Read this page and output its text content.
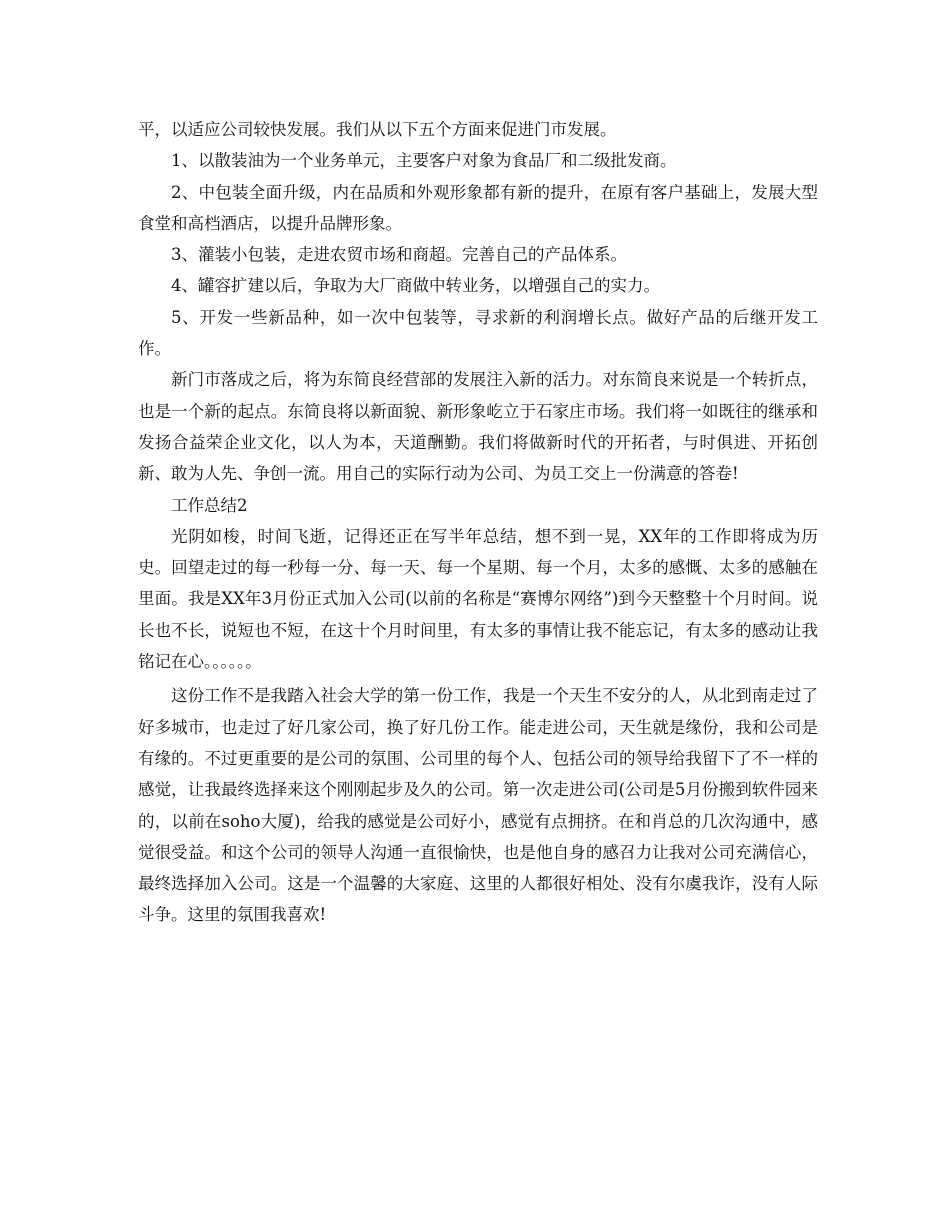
平，以适应公司较快发展。我们从以下五个方面来促进门市发展。

1、以散装油为一个业务单元，主要客户对象为食品厂和二级批发商。

2、中包装全面升级，内在品质和外观形象都有新的提升，在原有客户基础上，发展大型食堂和高档酒店，以提升品牌形象。

3、灌装小包装，走进农贸市场和商超。完善自己的产品体系。

4、罐容扩建以后，争取为大厂商做中转业务，以增强自己的实力。

5、开发一些新品种，如一次中包装等，寻求新的利润增长点。做好产品的后继开发工作。

新门市落成之后，将为东简良经营部的发展注入新的活力。对东简良来说是一个转折点，也是一个新的起点。东简良将以新面貌、新形象屹立于石家庄市场。我们将一如既往的继承和发扬合益荣企业文化，以人为本，天道酬勤。我们将做新时代的开拓者，与时俱进、开拓创新、敢为人先、争创一流。用自己的实际行动为公司、为员工交上一份满意的答卷!

工作总结2

光阴如梭，时间飞逝，记得还正在写半年总结，想不到一晃，XX年的工作即将成为历史。回望走过的每一秒每一分、每一天、每一个星期、每一个月，太多的感慨、太多的感触在里面。我是XX年3月份正式加入公司(以前的名称是“赛博尔网络”)到今天整整十个月时间。说长也不长，说短也不短，在这十个月时间里，有太多的事情让我不能忘记，有太多的感动让我铭记在心。。。。。。

这份工作不是我踏入社会大学的第一份工作，我是一个天生不安分的人，从北到南走过了好多城市，也走过了好几家公司，换了好几份工作。能走进公司，天生就是缘份，我和公司是有缘的。不过更重要的是公司的氛围、公司里的每个人、包括公司的领导给我留下了不一样的感觉，让我最终选择来这个刚刚起步及久的公司。第一次走进公司(公司是5月份搬到软件园来的，以前在soho大厦)，给我的感觉是公司好小，感觉有点拥挤。在和肖总的几次沟通中，感觉很受益。和这个公司的领导人沟通一直很愉快，也是他自身的感召力让我对公司充满信心，最终选择加入公司。这是一个温馨的大家庭、这里的人都很好相处、没有尔虞我诈，没有人际斗争。这里的氛围我喜欢!
